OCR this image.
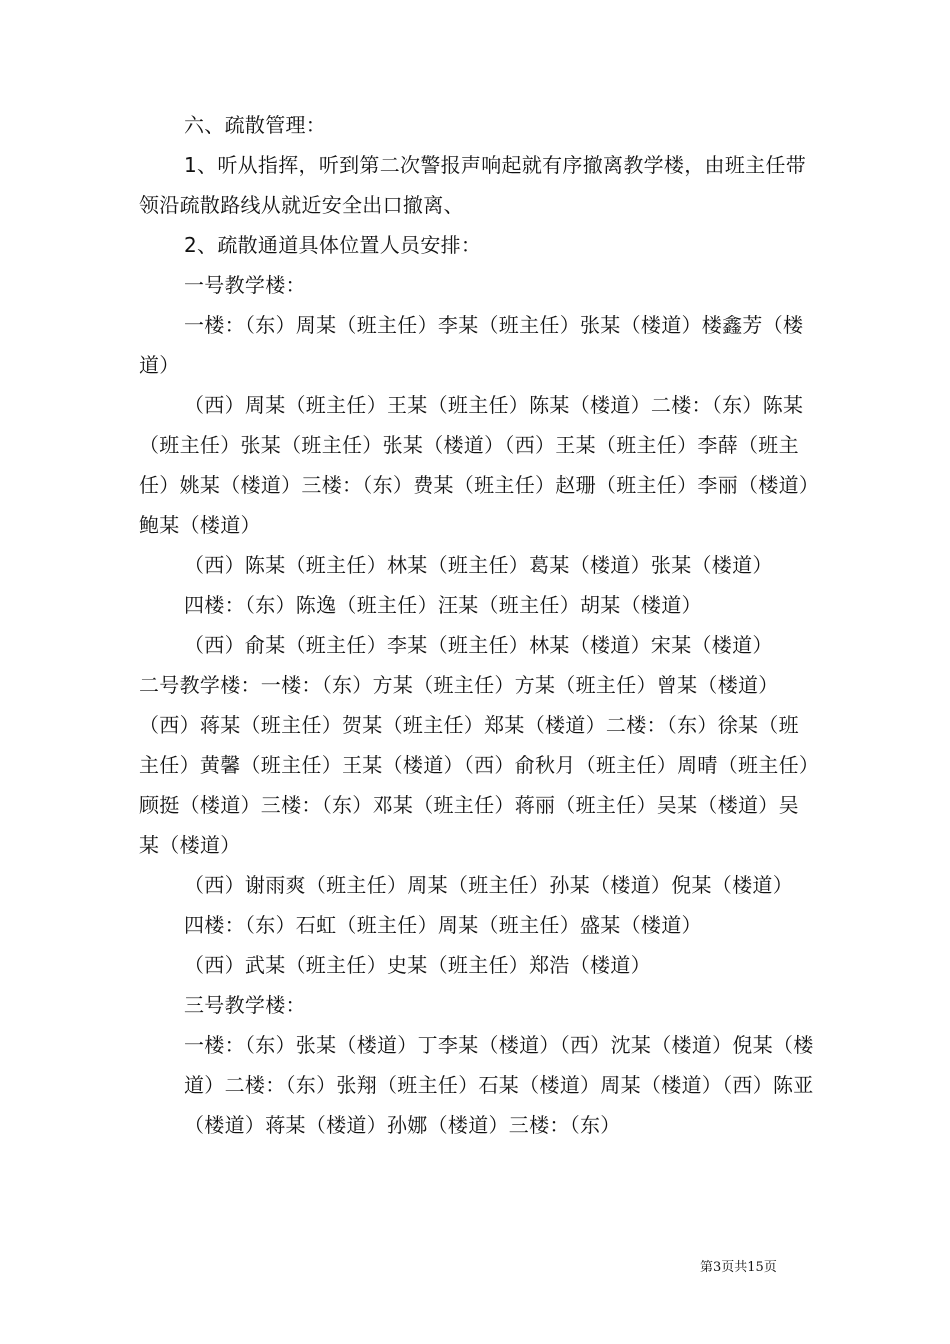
六、疏散管理：

1、听从指挥，听到第二次警报声响起就有序撤离教学楼，由班主任带领沿疏散路线从就近安全出口撤离、

2、疏散通道具体位置人员安排：

一号教学楼：

一楼：（东）周某（班主任）李某（班主任）张某（楼道）楼鑫芳（楼道）

（西）周某（班主任）王某（班主任）陈某（楼道）二楼：（东）陈某（班主任）张某（班主任）张某（楼道）（西）王某（班主任）李薛（班主任）姚某（楼道）三楼：（东）费某（班主任）赵珊（班主任）李丽（楼道）鲍某（楼道）

（西）陈某（班主任）林某（班主任）葛某（楼道）张某（楼道）

四楼：（东）陈逸（班主任）汪某（班主任）胡某（楼道）

（西）俞某（班主任）李某（班主任）林某（楼道）宋某（楼道）

二号教学楼：一楼：（东）方某（班主任）方某（班主任）曾某（楼道）（西）蒋某（班主任）贺某（班主任）郑某（楼道）二楼：（东）徐某（班主任）黄馨（班主任）王某（楼道）（西）俞秋月（班主任）周晴（班主任）顾挺（楼道）三楼：（东）邓某（班主任）蒋丽（班主任）吴某（楼道）吴某（楼道）

（西）谢雨爽（班主任）周某（班主任）孙某（楼道）倪某（楼道）

四楼：（东）石虹（班主任）周某（班主任）盛某（楼道）

（西）武某（班主任）史某（班主任）郑浩（楼道）

三号教学楼：

一楼：（东）张某（楼道）丁李某（楼道）（西）沈某（楼道）倪某（楼道）二楼：（东）张翔（班主任）石某（楼道）周某（楼道）（西）陈亚（楼道）蒋某（楼道）孙娜（楼道）三楼：（东）

第3页共15页
